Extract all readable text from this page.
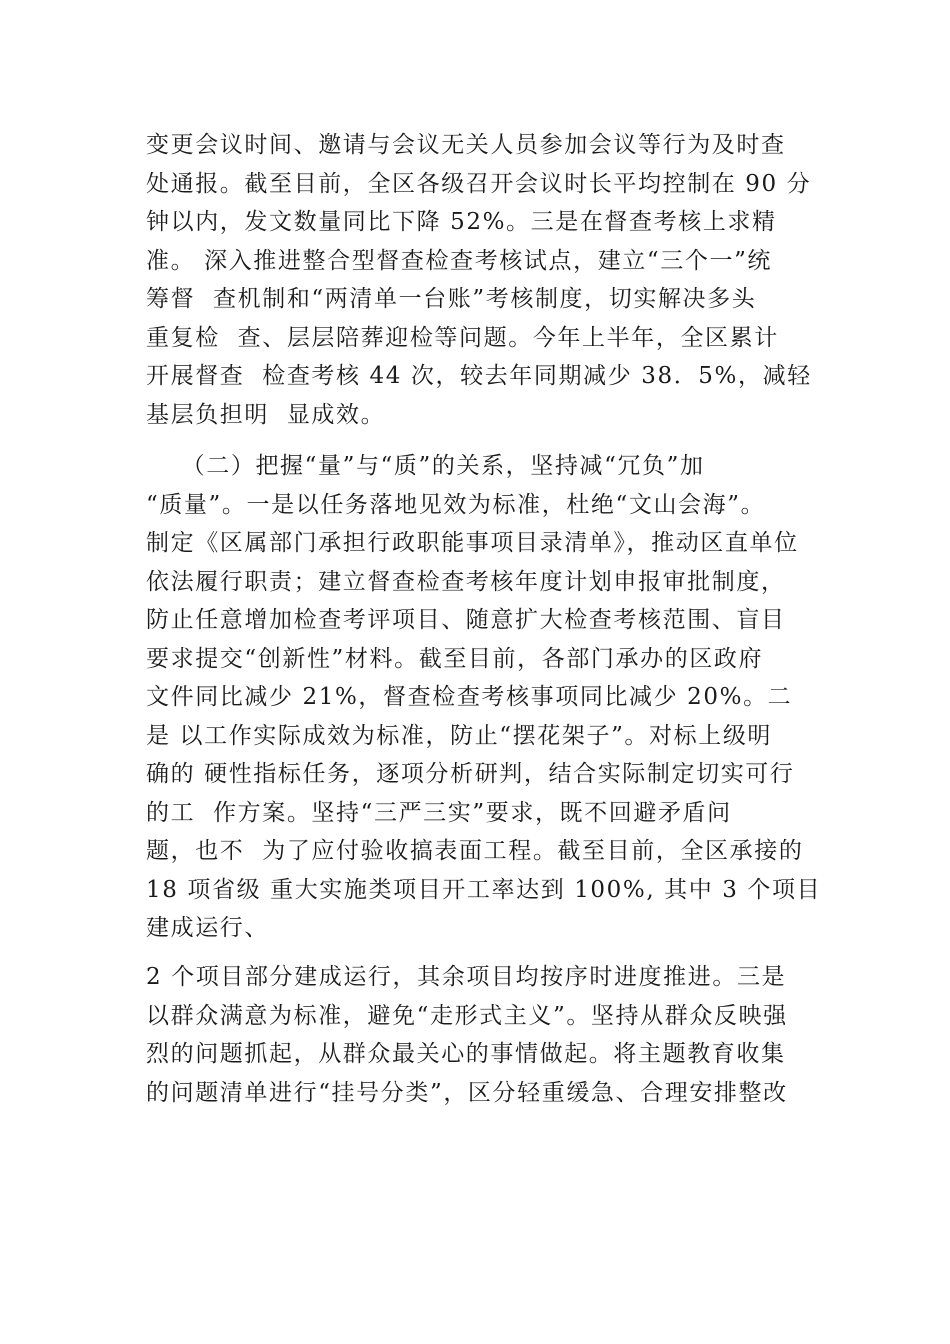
变更会议时间、邀请与会议无关人员参加会议等行为及时查
处通报。截至目前，全区各级召开会议时长平均控制在 90 分
钟以内，发文数量同比下降 52%。三是在督查考核上求精
准。 深入推进整合型督查检查考核试点，建立“三个一”统
筹督  查机制和“两清单一台账”考核制度，切实解决多头
重复检  查、层层陪葬迎检等问题。今年上半年，全区累计
开展督查  检查考核 44 次，较去年同期减少 38．5%，减轻
基层负担明  显成效。
（二）把握“量”与“质”的关系，坚持减“冗负”加
“质量”。一是以任务落地见效为标准，杜绝“文山会海”。
制定《区属部门承担行政职能事项目录清单》，推动区直单位
依法履行职责；建立督查检查考核年度计划申报审批制度，
防止任意增加检查考评项目、随意扩大检查考核范围、盲目
要求提交“创新性”材料。截至目前，各部门承办的区政府
文件同比减少 21%，督查检查考核事项同比减少 20%。二
是 以工作实际成效为标准，防止“摆花架子”。对标上级明
确的 硬性指标任务，逐项分析研判，结合实际制定切实可行
的工  作方案。坚持“三严三实”要求，既不回避矛盾问
题，也不  为了应付验收搞表面工程。截至目前，全区承接的
18 项省级 重大实施类项目开工率达到 100%, 其中 3 个项目
建成运行、
2 个项目部分建成运行，其余项目均按序时进度推进。三是
以群众满意为标准，避免“走形式主义”。坚持从群众反映强
烈的问题抓起，从群众最关心的事情做起。将主题教育收集
的问题清单进行“挂号分类”，区分轻重缓急、合理安排整改
